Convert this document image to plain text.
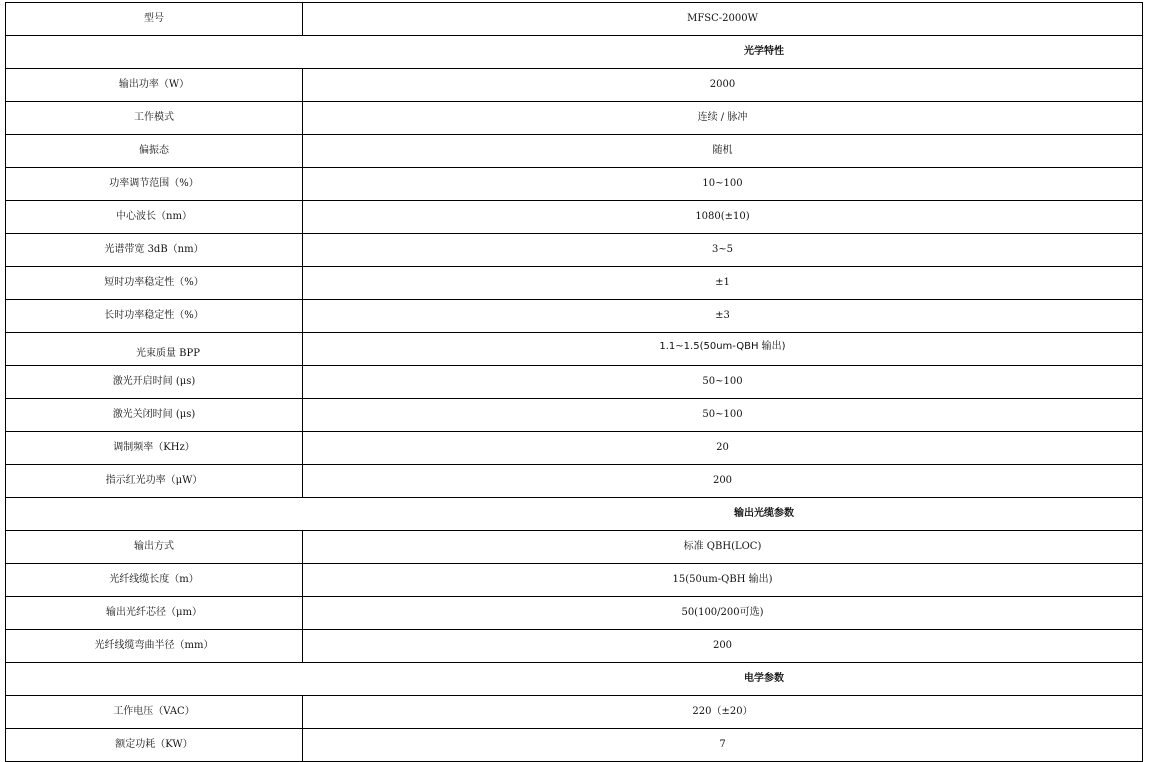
型号	MFSC-2000W
光学特性	
输出功率（W）	2000
工作模式	连续 / 脉冲
偏振态	随机
功率调节范围（%）	10~100
中心波长（nm）	1080(±10)
光谱带宽 3dB（nm）	3~5
短时功率稳定性（%）	±1
长时功率稳定性（%）	±3
光束质量 BPP	1.1~1.5(50um-QBH 输出)
激光开启时间 (μs)	50~100
激光关闭时间 (μs)	50~100
调制频率（KHz）	20
指示红光功率（μW）	200
输出光缆参数	
输出方式	标准 QBH(LOC)
光纤线缆长度（m）	15(50um-QBH 输出)
输出光纤芯径（μm）	50(100/200可选)
光纤线缆弯曲半径（mm）	200
电学参数	
工作电压（VAC）	220（±20）
额定功耗（KW）	7
